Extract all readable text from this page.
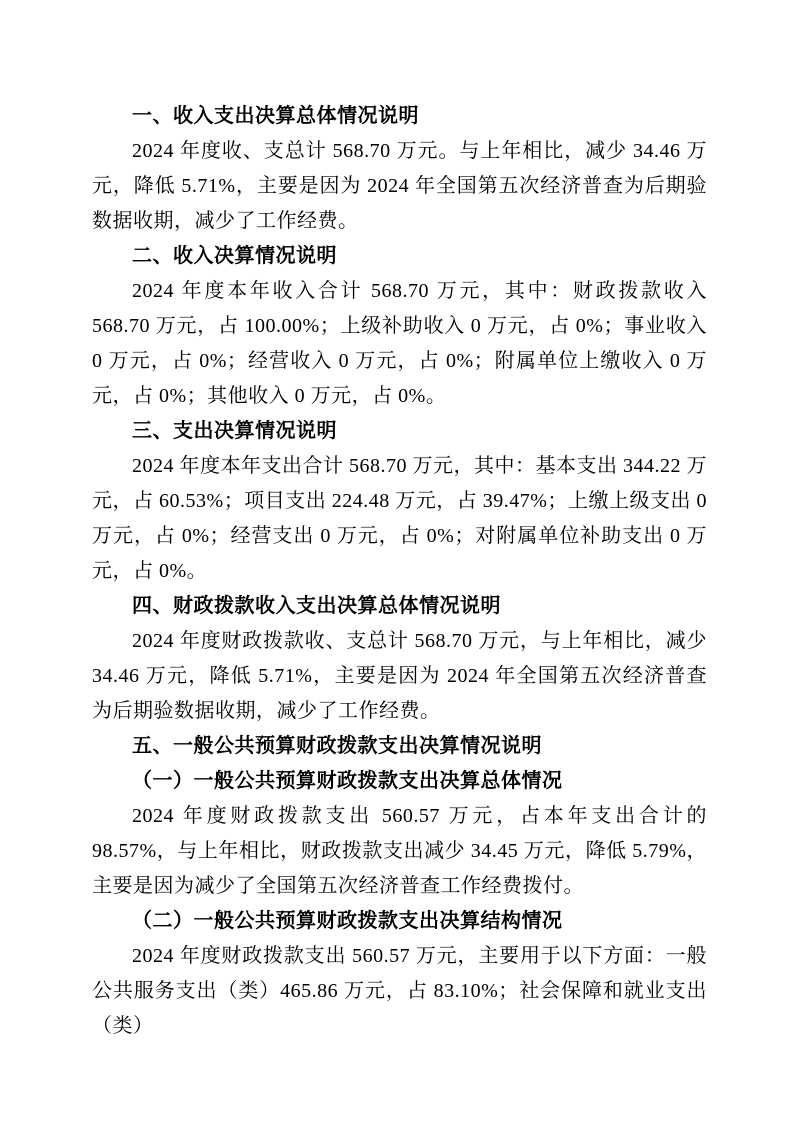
一、收入支出决算总体情况说明

2024 年度收、支总计 568.70 万元。与上年相比，减少 34.46 万元，降低 5.71%，主要是因为 2024 年全国第五次经济普查为后期验数据收期，减少了工作经费。

二、收入决算情况说明

2024 年度本年收入合计 568.70 万元，其中：财政拨款收入 568.70 万元，占 100.00%；上级补助收入 0 万元，占 0%；事业收入 0 万元，占 0%；经营收入 0 万元，占 0%；附属单位上缴收入 0 万元，占 0%；其他收入 0 万元，占 0%。

三、支出决算情况说明

2024 年度本年支出合计 568.70 万元，其中：基本支出 344.22 万元，占 60.53%；项目支出 224.48 万元，占 39.47%；上缴上级支出 0 万元，占 0%；经营支出 0 万元，占 0%；对附属单位补助支出 0 万元，占 0%。

四、财政拨款收入支出决算总体情况说明

2024 年度财政拨款收、支总计 568.70 万元，与上年相比，减少 34.46 万元，降低 5.71%，主要是因为 2024 年全国第五次经济普查为后期验数据收期，减少了工作经费。

五、一般公共预算财政拨款支出决算情况说明
（一）一般公共预算财政拨款支出决算总体情况

2024 年度财政拨款支出 560.57 万元，占本年支出合计的 98.57%，与上年相比，财政拨款支出减少 34.45 万元，降低 5.79%，主要是因为减少了全国第五次经济普查工作经费拨付。

（二）一般公共预算财政拨款支出决算结构情况

2024 年度财政拨款支出 560.57 万元，主要用于以下方面：一般公共服务支出（类）465.86 万元，占 83.10%；社会保障和就业支出（类）
